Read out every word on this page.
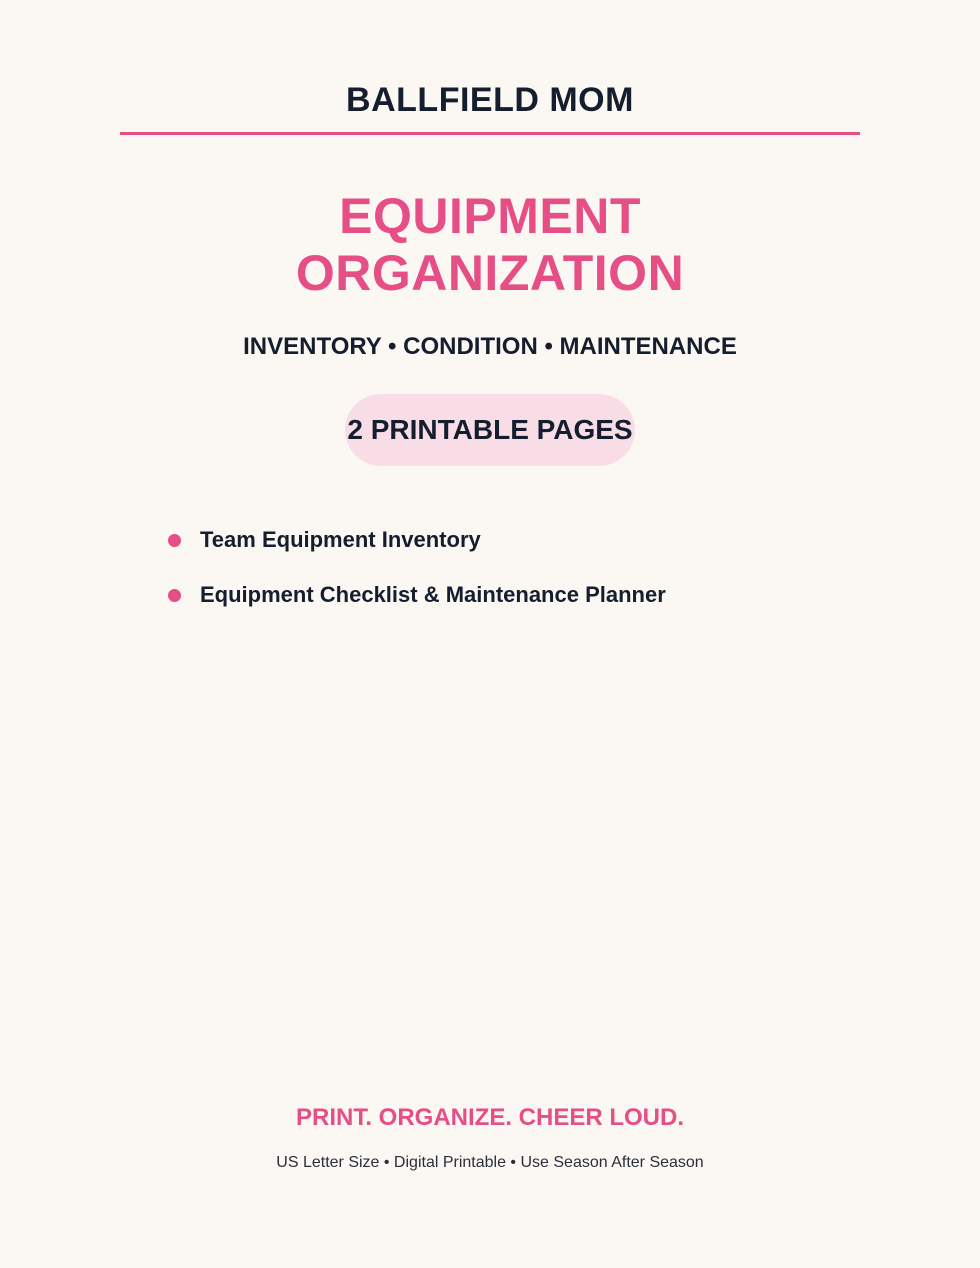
BALLFIELD MOM
EQUIPMENT
ORGANIZATION
INVENTORY • CONDITION • MAINTENANCE
2 PRINTABLE PAGES
Team Equipment Inventory
Equipment Checklist & Maintenance Planner
PRINT. ORGANIZE. CHEER LOUD.
US Letter Size • Digital Printable • Use Season After Season
